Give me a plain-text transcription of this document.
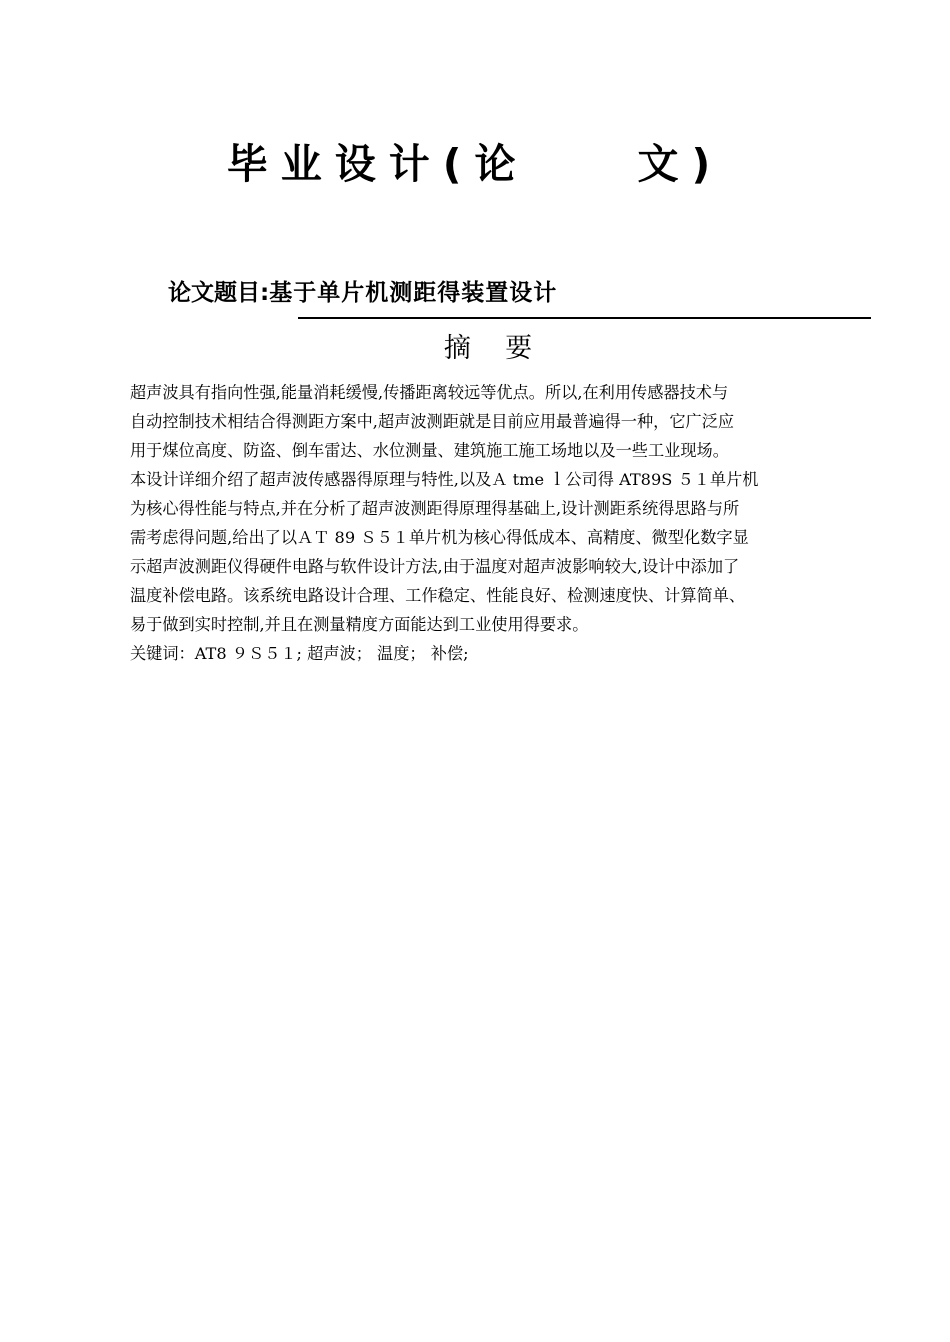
毕业设计(论    文)
论文题目:基于单片机测距得装置设计
摘    要
超声波具有指向性强,能量消耗缓慢,传播距离较远等优点。所以,在利用传感器技术与
自动控制技术相结合得测距方案中,超声波测距就是目前应用最普遍得一种，它广泛应
用于煤位高度、防盗、倒车雷达、水位测量、建筑施工施工场地以及一些工业现场。
本设计详细介绍了超声波传感器得原理与特性,以及Ａ tme ｌ公司得 AT89S ５１单片机
为核心得性能与特点,并在分析了超声波测距得原理得基础上,设计测距系统得思路与所
需考虑得问题,给出了以ＡＴ 89 Ｓ５１单片机为核心得低成本、高精度、微型化数字显
示超声波测距仪得硬件电路与软件设计方法,由于温度对超声波影响较大,设计中添加了
温度补偿电路。该系统电路设计合理、工作稳定、性能良好、检测速度快、计算简单、
易于做到实时控制,并且在测量精度方面能达到工业使用得要求。
关键词：AT8 ９Ｓ５１; 超声波； 温度； 补偿;
